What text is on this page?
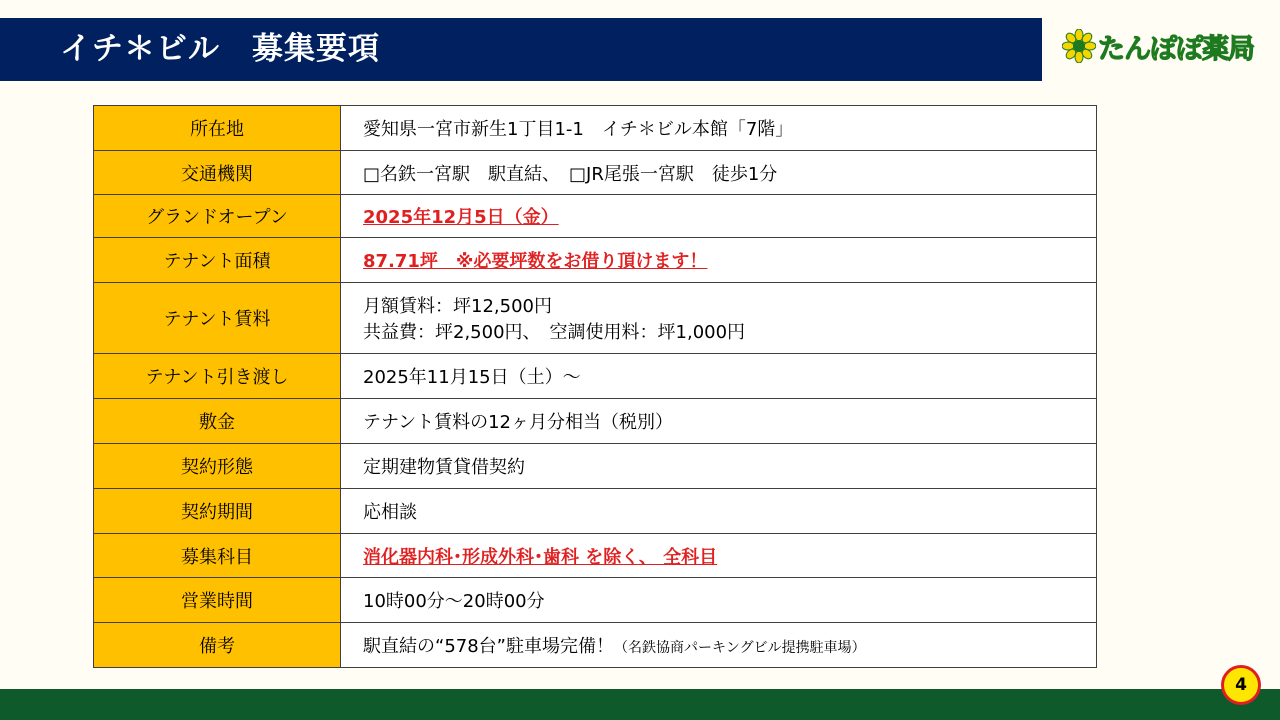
イチ＊ビル　募集要項	たんぽぽ薬局
所在地	愛知県一宮市新生1丁目1-1　イチ＊ビル本館「7階」
交通機関	□名鉄一宮駅　駅直結、　□JR尾張一宮駅　徒歩1分
グランドオープン	2025年12月5日（金）
テナント面積	87.71坪　※必要坪数をお借り頂けます！
テナント賃料	月額賃料：坪12,500円
共益費：坪2,500円、　空調使用料：坪1,000円

テナント引き渡し	2025年11月15日（土）～
敷金	テナント賃料の12ヶ月分相当（税別）
契約形態	定期建物賃貸借契約
契約期間	応相談
募集科目	消化器内科･形成外科･歯科 を除く、 全科目
営業時間	10時00分～20時00分
備考	駅直結の“578台”駐車場完備！（名鉄協商パーキングビル提携駐車場）
4
